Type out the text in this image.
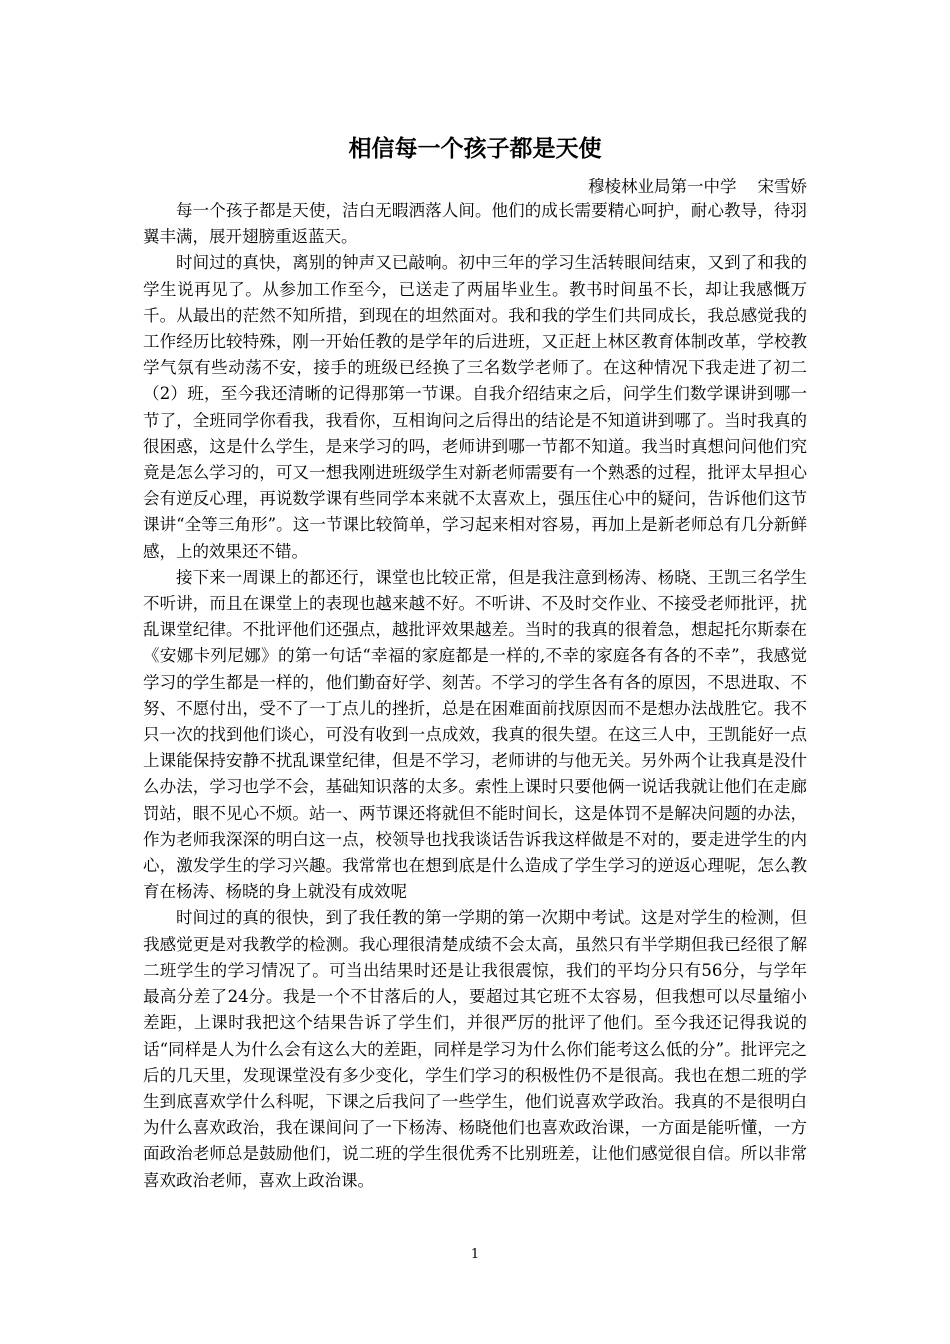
相信每一个孩子都是天使

穆棱林业局第一中学    宋雪娇

每一个孩子都是天使，洁白无暇洒落人间。他们的成长需要精心呵护，耐心教导，待羽翼丰满，展开翅膀重返蓝天。

时间过的真快，离别的钟声又已敲响。初中三年的学习生活转眼间结束，又到了和我的学生说再见了。从参加工作至今，已送走了两届毕业生。教书时间虽不长，却让我感慨万千。从最出的茫然不知所措，到现在的坦然面对。我和我的学生们共同成长，我总感觉我的工作经历比较特殊，刚一开始任教的是学年的后进班，又正赶上林区教育体制改革，学校教学气氛有些动荡不安，接手的班级已经换了三名数学老师了。在这种情况下我走进了初二（2）班，至今我还清晰的记得那第一节课。自我介绍结束之后，问学生们数学课讲到哪一节了，全班同学你看我，我看你，互相询问之后得出的结论是不知道讲到哪了。当时我真的很困惑，这是什么学生，是来学习的吗，老师讲到哪一节都不知道。我当时真想问问他们究竟是怎么学习的，可又一想我刚进班级学生对新老师需要有一个熟悉的过程，批评太早担心会有逆反心理，再说数学课有些同学本来就不太喜欢上，强压住心中的疑问，告诉他们这节课讲“全等三角形”。这一节课比较简单，学习起来相对容易，再加上是新老师总有几分新鲜感，上的效果还不错。

接下来一周课上的都还行，课堂也比较正常，但是我注意到杨涛、杨晓、王凯三名学生不听讲，而且在课堂上的表现也越来越不好。不听讲、不及时交作业、不接受老师批评，扰乱课堂纪律。不批评他们还强点，越批评效果越差。当时的我真的很着急，想起托尔斯泰在《安娜卡列尼娜》的第一句话“幸福的家庭都是一样的,不幸的家庭各有各的不幸”，我感觉学习的学生都是一样的，他们勤奋好学、刻苦。不学习的学生各有各的原因，不思进取、不努、不愿付出，受不了一丁点儿的挫折，总是在困难面前找原因而不是想办法战胜它。我不只一次的找到他们谈心，可没有收到一点成效，我真的很失望。在这三人中，王凯能好一点上课能保持安静不扰乱课堂纪律，但是不学习，老师讲的与他无关。另外两个让我真是没什么办法，学习也学不会，基础知识落的太多。索性上课时只要他俩一说话我就让他们在走廊罚站，眼不见心不烦。站一、两节课还将就但不能时间长，这是体罚不是解决问题的办法，作为老师我深深的明白这一点，校领导也找我谈话告诉我这样做是不对的，要走进学生的内心，激发学生的学习兴趣。我常常也在想到底是什么造成了学生学习的逆返心理呢，怎么教育在杨涛、杨晓的身上就没有成效呢

时间过的真的很快，到了我任教的第一学期的第一次期中考试。这是对学生的检测，但我感觉更是对我教学的检测。我心理很清楚成绩不会太高，虽然只有半学期但我已经很了解二班学生的学习情况了。可当出结果时还是让我很震惊，我们的平均分只有56分，与学年最高分差了24分。我是一个不甘落后的人，要超过其它班不太容易，但我想可以尽量缩小差距，上课时我把这个结果告诉了学生们，并很严厉的批评了他们。至今我还记得我说的话“同样是人为什么会有这么大的差距，同样是学习为什么你们能考这么低的分”。批评完之后的几天里，发现课堂没有多少变化，学生们学习的积极性仍不是很高。我也在想二班的学生到底喜欢学什么科呢，下课之后我问了一些学生，他们说喜欢学政治。我真的不是很明白为什么喜欢政治，我在课间问了一下杨涛、杨晓他们也喜欢政治课，一方面是能听懂，一方面政治老师总是鼓励他们，说二班的学生很优秀不比别班差，让他们感觉很自信。所以非常喜欢政治老师，喜欢上政治课。

1
